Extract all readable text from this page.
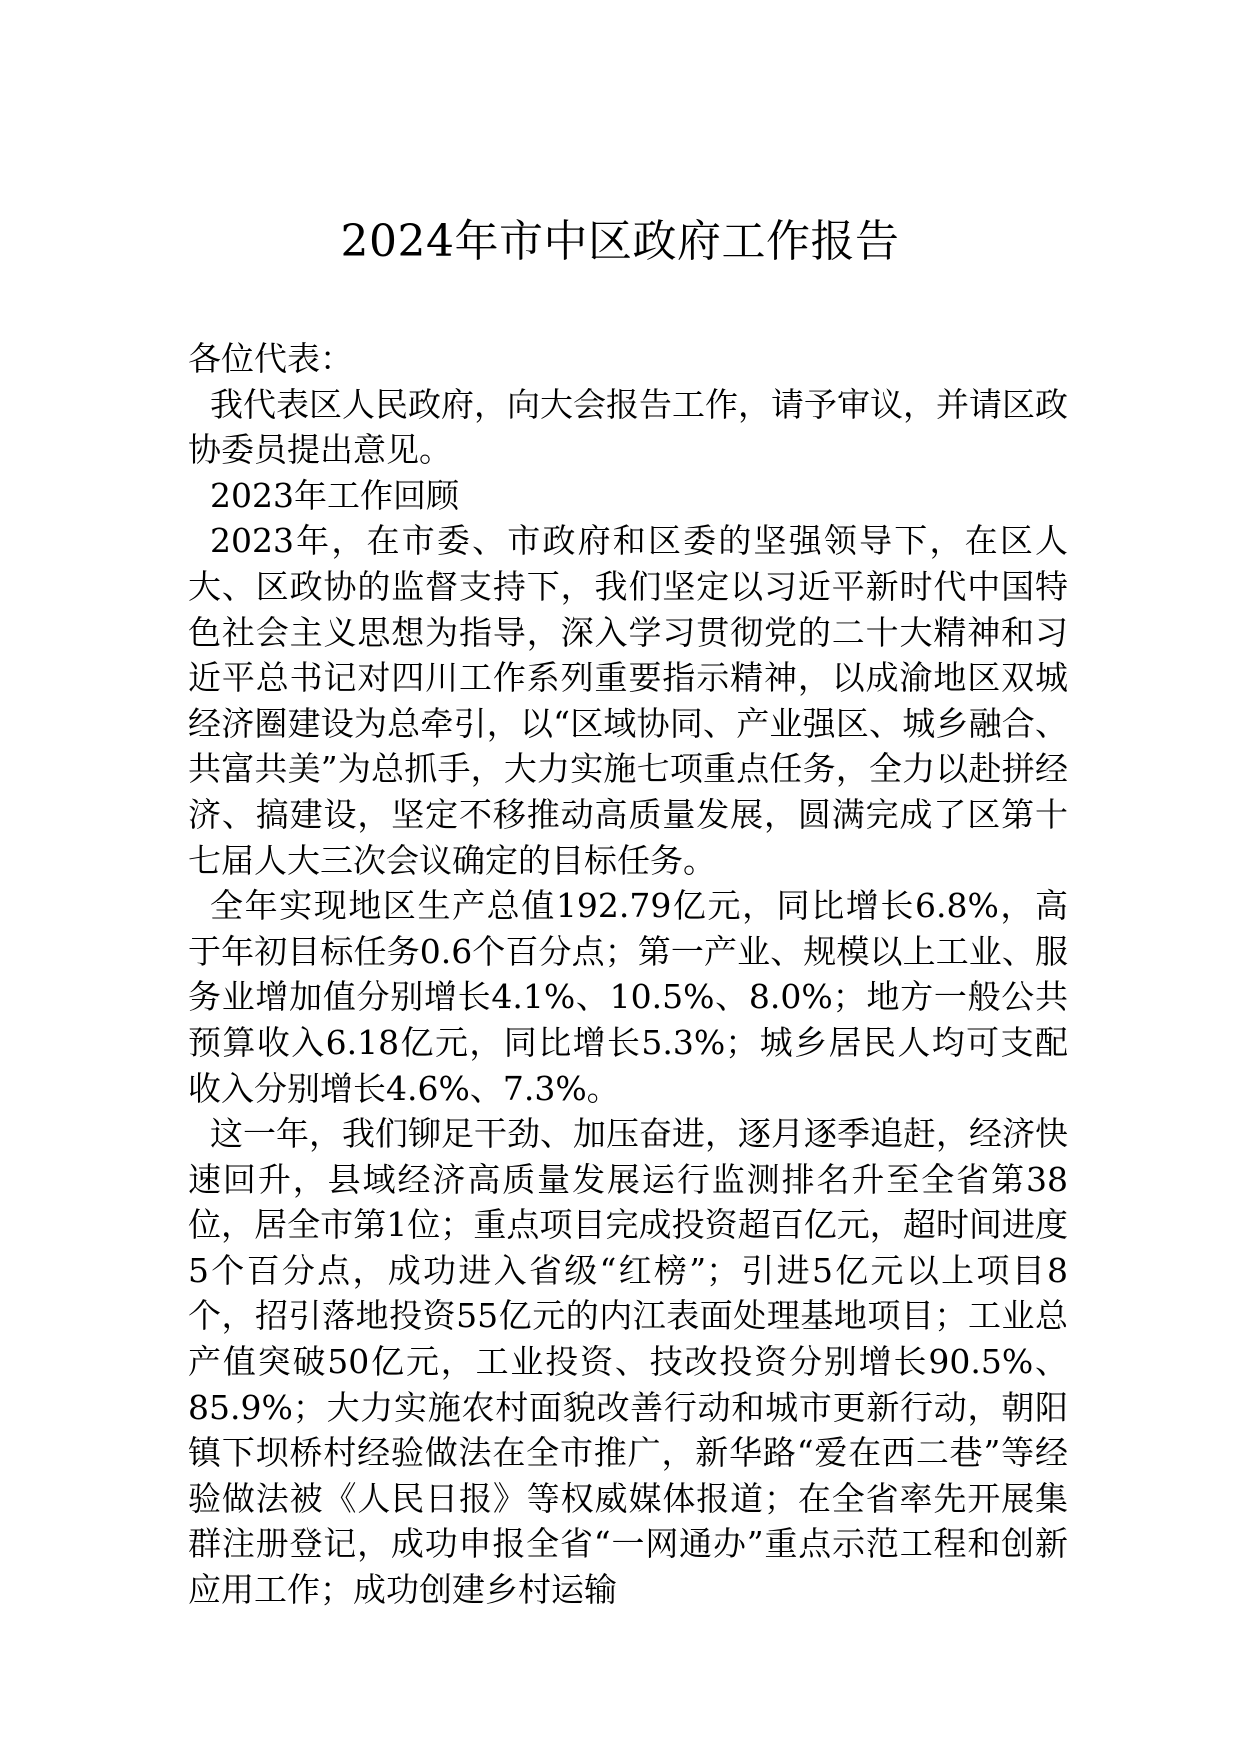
2024年市中区政府工作报告

各位代表：

我代表区人民政府，向大会报告工作，请予审议，并请区政协委员提出意见。

2023年工作回顾

2023年，在市委、市政府和区委的坚强领导下，在区人大、区政协的监督支持下，我们坚定以习近平新时代中国特色社会主义思想为指导，深入学习贯彻党的二十大精神和习近平总书记对四川工作系列重要指示精神，以成渝地区双城经济圈建设为总牵引，以“区域协同、产业强区、城乡融合、共富共美”为总抓手，大力实施七项重点任务，全力以赴拼经济、搞建设，坚定不移推动高质量发展，圆满完成了区第十七届人大三次会议确定的目标任务。

全年实现地区生产总值192.79亿元，同比增长6.8%，高于年初目标任务0.6个百分点；第一产业、规模以上工业、服务业增加值分别增长4.1%、10.5%、8.0%；地方一般公共预算收入6.18亿元，同比增长5.3%；城乡居民人均可支配收入分别增长4.6%、7.3%。

这一年，我们铆足干劲、加压奋进，逐月逐季追赶，经济快速回升，县域经济高质量发展运行监测排名升至全省第38位，居全市第1位；重点项目完成投资超百亿元，超时间进度5个百分点，成功进入省级“红榜”；引进5亿元以上项目8个，招引落地投资55亿元的内江表面处理基地项目；工业总产值突破50亿元，工业投资、技改投资分别增长90.5%、85.9%；大力实施农村面貌改善行动和城市更新行动，朝阳镇下坝桥村经验做法在全市推广，新华路“爱在西二巷”等经验做法被《人民日报》等权威媒体报道；在全省率先开展集群注册登记，成功申报全省“一网通办”重点示范工程和创新应用工作；成功创建乡村运输
